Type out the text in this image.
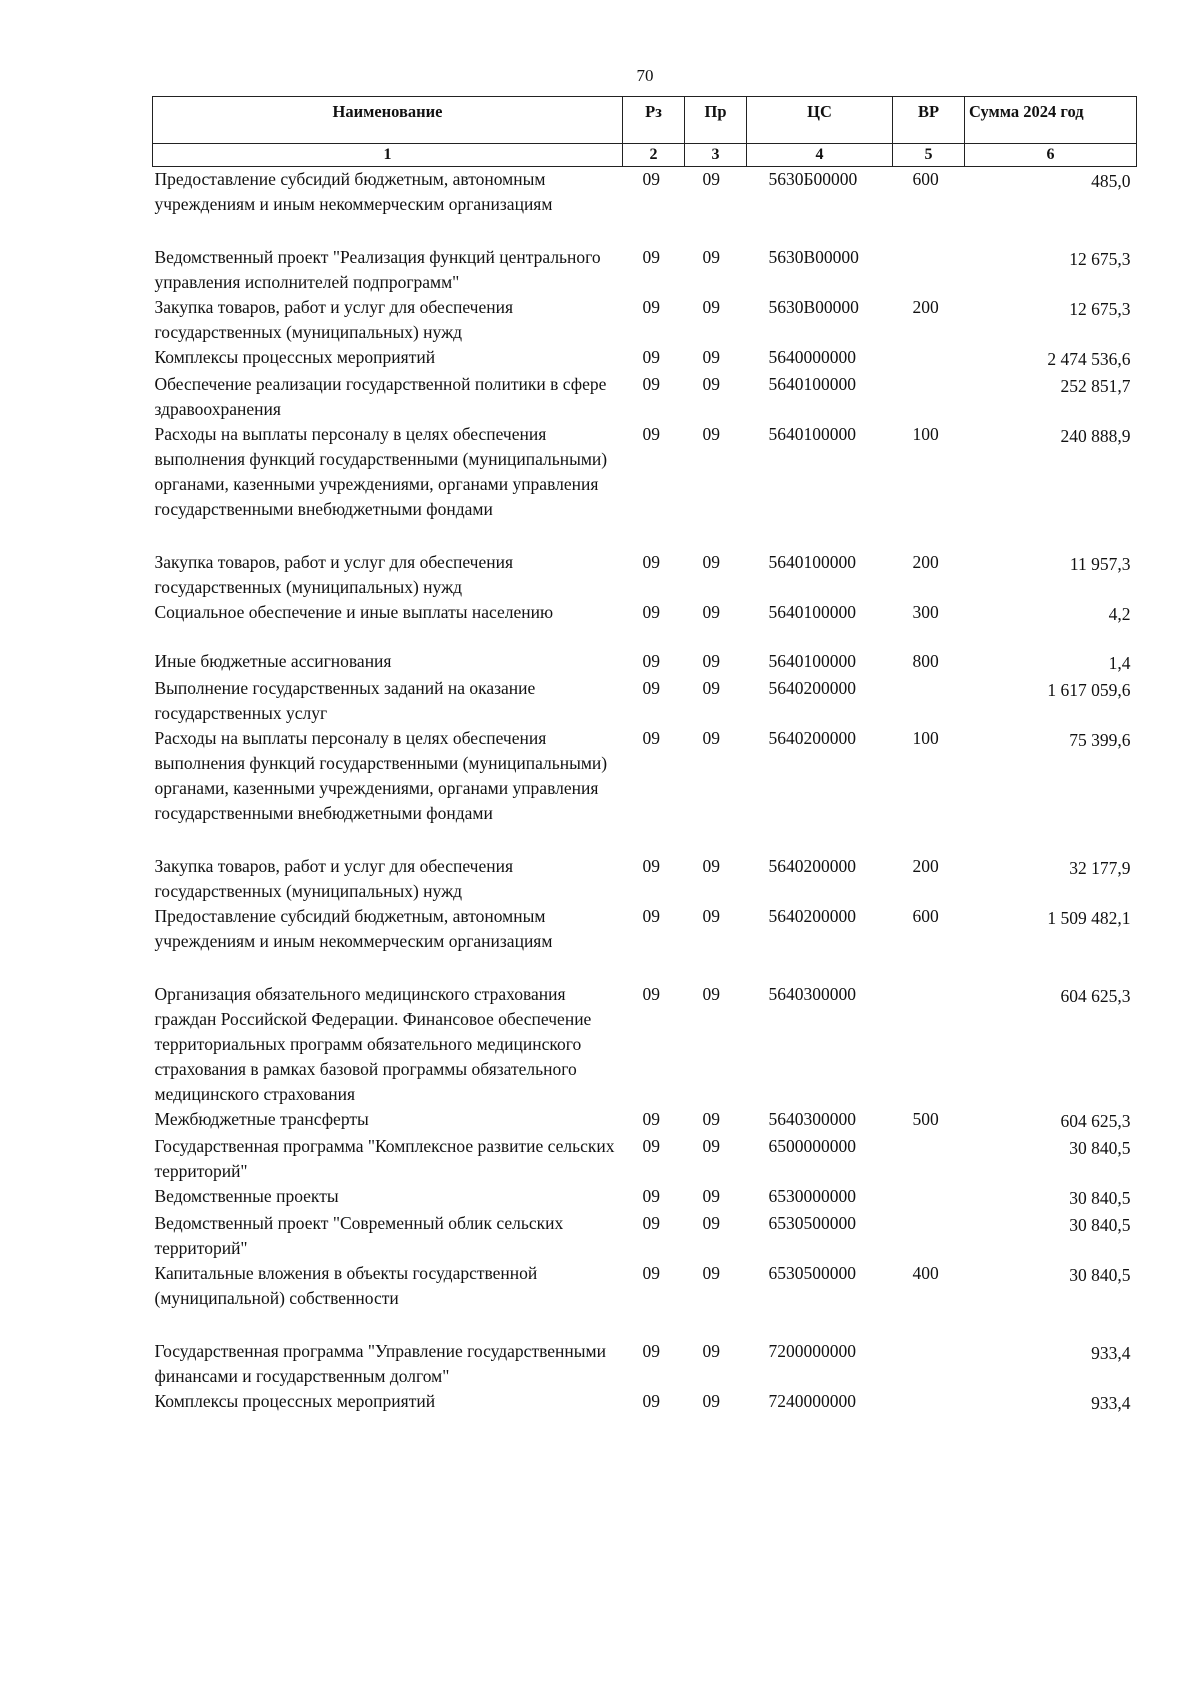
70
Наименование	Рз	Пр	ЦС	ВР	Сумма 2024 год
1	2	3	4	5	6
Предоставление субсидий бюджетным, автономным учреждениям и иным некоммерческим организациям	09	09	5630Б00000	600	485,0
Ведомственный проект "Реализация функций центрального управления исполнителей подпрограмм"	09	09	5630В00000		12 675,3
Закупка товаров, работ и услуг для обеспечения государственных (муниципальных) нужд	09	09	5630В00000	200	12 675,3
Комплексы процессных мероприятий	09	09	5640000000		2 474 536,6
Обеспечение реализации государственной политики в сфере здравоохранения	09	09	5640100000		252 851,7
Расходы на выплаты персоналу в целях обеспечения выполнения функций государственными (муниципальными) органами, казенными учреждениями, органами управления государственными внебюджетными фондами	09	09	5640100000	100	240 888,9
Закупка товаров, работ и услуг для обеспечения государственных (муниципальных) нужд	09	09	5640100000	200	11 957,3
Социальное обеспечение и иные выплаты населению	09	09	5640100000	300	4,2
Иные бюджетные ассигнования	09	09	5640100000	800	1,4
Выполнение государственных заданий на оказание государственных услуг	09	09	5640200000		1 617 059,6
Расходы на выплаты персоналу в целях обеспечения выполнения функций государственными (муниципальными) органами, казенными учреждениями, органами управления государственными внебюджетными фондами	09	09	5640200000	100	75 399,6
Закупка товаров, работ и услуг для обеспечения государственных (муниципальных) нужд	09	09	5640200000	200	32 177,9
Предоставление субсидий бюджетным, автономным учреждениям и иным некоммерческим организациям	09	09	5640200000	600	1 509 482,1
Организация обязательного медицинского страхования граждан Российской Федерации. Финансовое обеспечение территориальных программ обязательного медицинского страхования в рамках базовой программы обязательного медицинского страхования	09	09	5640300000		604 625,3
Межбюджетные трансферты	09	09	5640300000	500	604 625,3
Государственная программа "Комплексное развитие сельских территорий"	09	09	6500000000		30 840,5
Ведомственные проекты	09	09	6530000000		30 840,5
Ведомственный проект "Современный облик сельских территорий"	09	09	6530500000		30 840,5
Капитальные вложения в объекты государственной (муниципальной) собственности	09	09	6530500000	400	30 840,5
Государственная программа "Управление государственными финансами и государственным долгом"	09	09	7200000000		933,4
Комплексы процессных мероприятий	09	09	7240000000		933,4
